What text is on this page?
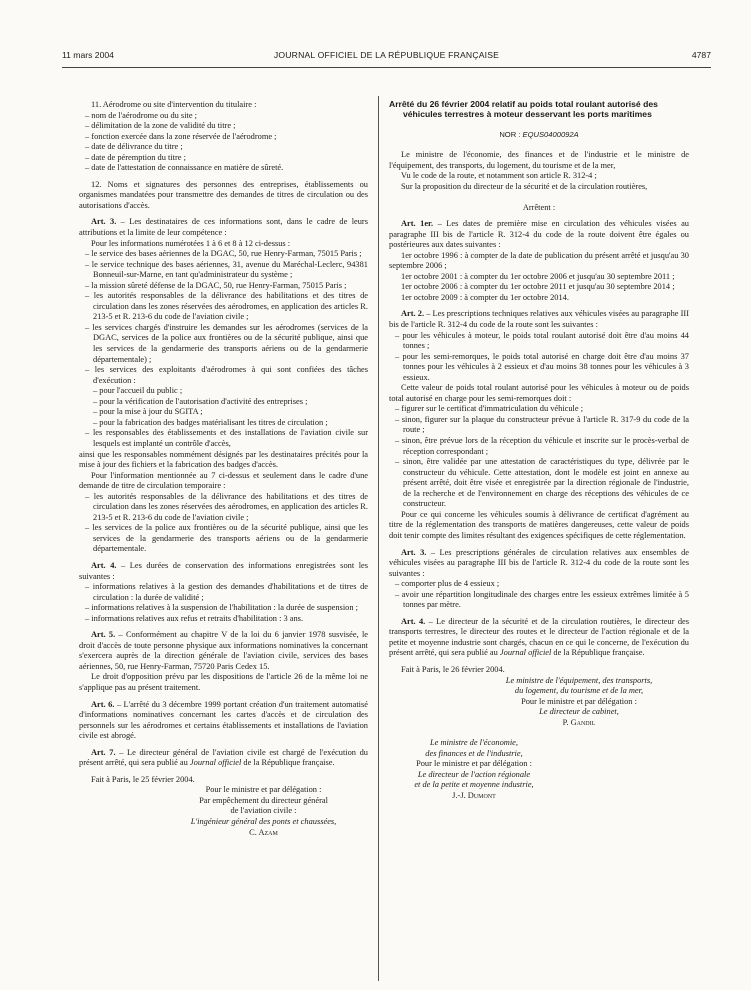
11 mars 2004	JOURNAL OFFICIEL DE LA RÉPUBLIQUE FRANÇAISE	4787

11. Aérodrome ou site d'intervention du titulaire :

– nom de l'aérodrome ou du site ;

– délimitation de la zone de validité du titre ;

– fonction exercée dans la zone réservée de l'aérodrome ;

– date de délivrance du titre ;

– date de péremption du titre ;

– date de l'attestation de connaissance en matière de sûreté.

12. Noms et signatures des personnes des entreprises, établissements ou organismes mandatées pour transmettre des demandes de titres de circulation ou des autorisations d'accès.

Art. 3. – Les destinataires de ces informations sont, dans le cadre de leurs attributions et la limite de leur compétence :

Pour les informations numérotées 1 à 6 et 8 à 12 ci-dessus :

– le service des bases aériennes de la DGAC, 50, rue Henry-Farman, 75015 Paris ;

– le service technique des bases aériennes, 31, avenue du Maréchal-Leclerc, 94381 Bonneuil-sur-Marne, en tant qu'administrateur du système ;

– la mission sûreté défense de la DGAC, 50, rue Henry-Farman, 75015 Paris ;

– les autorités responsables de la délivrance des habilitations et des titres de circulation dans les zones réservées des aérodromes, en application des articles R. 213-5 et R. 213-6 du code de l'aviation civile ;

– les services chargés d'instruire les demandes sur les aérodromes (services de la DGAC, services de la police aux frontières ou de la sécurité publique, ainsi que les services de la gendarmerie des transports aériens ou de la gendarmerie départementale) ;

– les services des exploitants d'aérodromes à qui sont confiées des tâches d'exécution :

– pour l'accueil du public ;

– pour la vérification de l'autorisation d'activité des entreprises ;

– pour la mise à jour du SGITA ;

– pour la fabrication des badges matérialisant les titres de circulation ;

– les responsables des établissements et des installations de l'aviation civile sur lesquels est implanté un contrôle d'accès,

ainsi que les responsables nommément désignés par les destinataires précités pour la mise à jour des fichiers et la fabrication des badges d'accès.

Pour l'information mentionnée au 7 ci-dessus et seulement dans le cadre d'une demande de titre de circulation temporaire :

– les autorités responsables de la délivrance des habilitations et des titres de circulation dans les zones réservées des aérodromes, en application des articles R. 213-5 et R. 213-6 du code de l'aviation civile ;

– les services de la police aux frontières ou de la sécurité publique, ainsi que les services de la gendarmerie des transports aériens ou de la gendarmerie départementale.

Art. 4. – Les durées de conservation des informations enregistrées sont les suivantes :

– informations relatives à la gestion des demandes d'habilitations et de titres de circulation : la durée de validité ;

– informations relatives à la suspension de l'habilitation : la durée de suspension ;

– informations relatives aux refus et retraits d'habilitation : 3 ans.

Art. 5. – Conformément au chapitre V de la loi du 6 janvier 1978 susvisée, le droit d'accès de toute personne physique aux informations nominatives la concernant s'exercera auprès de la direction générale de l'aviation civile, services des bases aériennes, 50, rue Henry-Farman, 75720 Paris Cedex 15.

Le droit d'opposition prévu par les dispositions de l'article 26 de la même loi ne s'applique pas au présent traitement.

Art. 6. – L'arrêté du 3 décembre 1999 portant création d'un traitement automatisé d'informations nominatives concernant les cartes d'accès et de circulation des personnels sur les aérodromes et certains établissements et installations de l'aviation civile est abrogé.

Art. 7. – Le directeur général de l'aviation civile est chargé de l'exécution du présent arrêté, qui sera publié au Journal officiel de la République française.

Fait à Paris, le 25 février 2004.

Pour le ministre et par délégation :

Par empêchement du directeur général

de l'aviation civile :

L'ingénieur général des ponts et chaussées,

C. Azam

Arrêté du 26 février 2004 relatif au poids total roulant autorisé des véhicules terrestres à moteur desservant les ports maritimes

NOR : EQUS0400092A

Le ministre de l'économie, des finances et de l'industrie et le ministre de l'équipement, des transports, du logement, du tourisme et de la mer,

Vu le code de la route, et notamment son article R. 312-4 ;

Sur la proposition du directeur de la sécurité et de la circulation routières,

Arrêtent :

Art. 1er. – Les dates de première mise en circulation des véhicules visées au paragraphe III bis de l'article R. 312-4 du code de la route doivent être égales ou postérieures aux dates suivantes :

1er octobre 1996 : à compter de la date de publication du présent arrêté et jusqu'au 30 septembre 2006 ;

1er octobre 2001 : à compter du 1er octobre 2006 et jusqu'au 30 septembre 2011 ;

1er octobre 2006 : à compter du 1er octobre 2011 et jusqu'au 30 septembre 2014 ;

1er octobre 2009 : à compter du 1er octobre 2014.

Art. 2. – Les prescriptions techniques relatives aux véhicules visées au paragraphe III bis de l'article R. 312-4 du code de la route sont les suivantes :

– pour les véhicules à moteur, le poids total roulant autorisé doit être d'au moins 44 tonnes ;

– pour les semi-remorques, le poids total autorisé en charge doit être d'au moins 37 tonnes pour les véhicules à 2 essieux et d'au moins 38 tonnes pour les véhicules à 3 essieux.

Cette valeur de poids total roulant autorisé pour les véhicules à moteur ou de poids total autorisé en charge pour les semi-remorques doit :

– figurer sur le certificat d'immatriculation du véhicule ;

– sinon, figurer sur la plaque du constructeur prévue à l'article R. 317-9 du code de la route ;

– sinon, être prévue lors de la réception du véhicule et inscrite sur le procès-verbal de réception correspondant ;

– sinon, être validée par une attestation de caractéristiques du type, délivrée par le constructeur du véhicule. Cette attestation, dont le modèle est joint en annexe au présent arrêté, doit être visée et enregistrée par la direction régionale de l'industrie, de la recherche et de l'environnement en charge des réceptions des véhicules de ce constructeur.

Pour ce qui concerne les véhicules soumis à délivrance de certificat d'agrément au titre de la réglementation des transports de matières dangereuses, cette valeur de poids doit tenir compte des limites résultant des exigences spécifiques de cette réglementation.

Art. 3. – Les prescriptions générales de circulation relatives aux ensembles de véhicules visées au paragraphe III bis de l'article R. 312-4 du code de la route sont les suivantes :

– comporter plus de 4 essieux ;

– avoir une répartition longitudinale des charges entre les essieux extrêmes limitée à 5 tonnes par mètre.

Art. 4. – Le directeur de la sécurité et de la circulation routières, le directeur des transports terrestres, le directeur des routes et le directeur de l'action régionale et de la petite et moyenne industrie sont chargés, chacun en ce qui le concerne, de l'exécution du présent arrêté, qui sera publié au Journal officiel de la République française.

Fait à Paris, le 26 février 2004.

Le ministre de l'équipement, des transports,

du logement, du tourisme et de la mer,

Pour le ministre et par délégation :

Le directeur de cabinet,

P. Gandil

Le ministre de l'économie,

des finances et de l'industrie,

Pour le ministre et par délégation :

Le directeur de l'action régionale

et de la petite et moyenne industrie,

J.-J. Dumont
